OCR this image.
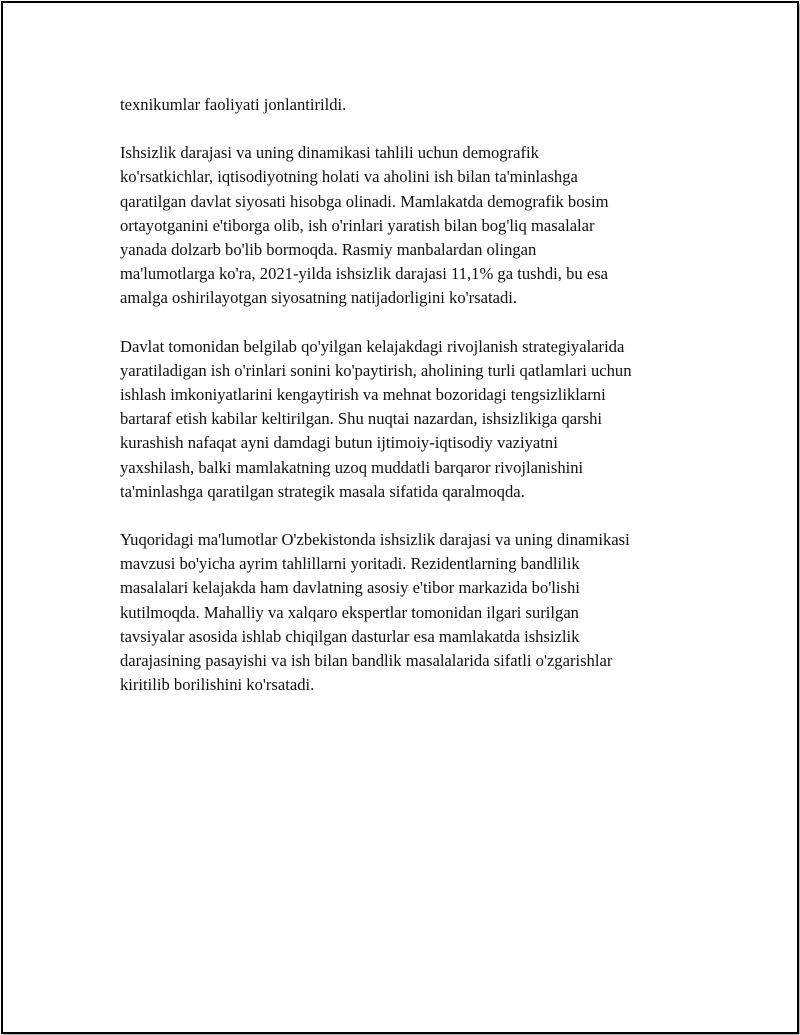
texnikumlar faoliyati jonlantirildi.

Ishsizlik darajasi va uning dinamikasi tahlili uchun demografik
ko'rsatkichlar, iqtisodiyotning holati va aholini ish bilan ta'minlashga
qaratilgan davlat siyosati hisobga olinadi. Mamlakatda demografik bosim
ortayotganini e'tiborga olib, ish o'rinlari yaratish bilan bog'liq masalalar
yanada dolzarb bo'lib bormoqda. Rasmiy manbalardan olingan
ma'lumotlarga ko'ra, 2021-yilda ishsizlik darajasi 11,1% ga tushdi, bu esa
amalga oshirilayotgan siyosatning natijadorligini ko'rsatadi.

Davlat tomonidan belgilab qo'yilgan kelajakdagi rivojlanish strategiyalarida
yaratiladigan ish o'rinlari sonini ko'paytirish, aholining turli qatlamlari uchun
ishlash imkoniyatlarini kengaytirish va mehnat bozoridagi tengsizliklarni
bartaraf etish kabilar keltirilgan. Shu nuqtai nazardan, ishsizlikiga qarshi
kurashish nafaqat ayni damdagi butun ijtimoiy-iqtisodiy vaziyatni
yaxshilash, balki mamlakatning uzoq muddatli barqaror rivojlanishini
ta'minlashga qaratilgan strategik masala sifatida qaralmoqda.

Yuqoridagi ma'lumotlar O'zbekistonda ishsizlik darajasi va uning dinamikasi
mavzusi bo'yicha ayrim tahlillarni yoritadi. Rezidentlarning bandlilik
masalalari kelajakda ham davlatning asosiy e'tibor markazida bo'lishi
kutilmoqda. Mahalliy va xalqaro ekspertlar tomonidan ilgari surilgan
tavsiyalar asosida ishlab chiqilgan dasturlar esa mamlakatda ishsizlik
darajasining pasayishi va ish bilan bandlik masalalarida sifatli o'zgarishlar
kiritilib borilishini ko'rsatadi.
